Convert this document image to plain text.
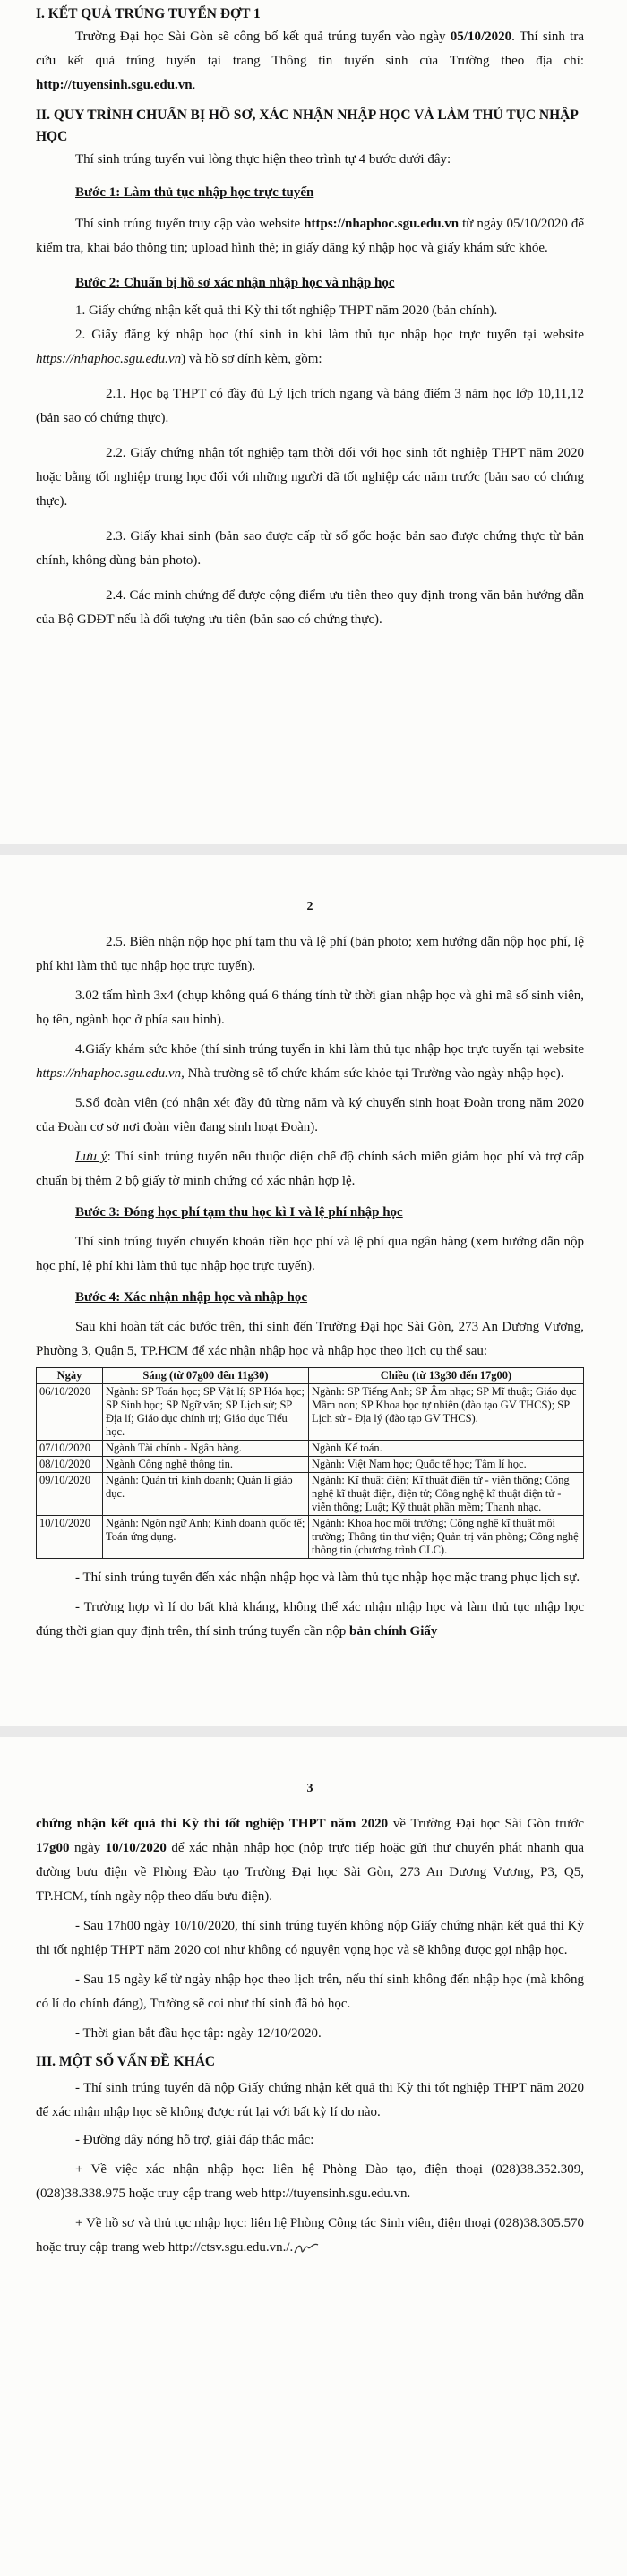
I. KẾT QUẢ TRÚNG TUYỂN ĐỢT 1

Trường Đại học Sài Gòn sẽ công bố kết quả trúng tuyển vào ngày 05/10/2020. Thí sinh tra cứu kết quả trúng tuyển tại trang Thông tin tuyển sinh của Trường theo địa chỉ: http://tuyensinh.sgu.edu.vn.

II. QUY TRÌNH CHUẨN BỊ HỒ SƠ, XÁC NHẬN NHẬP HỌC VÀ LÀM THỦ TỤC NHẬP HỌC

Thí sinh trúng tuyển vui lòng thực hiện theo trình tự 4 bước dưới đây:

Bước 1: Làm thủ tục nhập học trực tuyến

Thí sinh trúng tuyển truy cập vào website https://nhaphoc.sgu.edu.vn từ ngày 05/10/2020 để kiểm tra, khai báo thông tin; upload hình thẻ; in giấy đăng ký nhập học và giấy khám sức khỏe.

Bước 2: Chuẩn bị hồ sơ xác nhận nhập học và nhập học

1. Giấy chứng nhận kết quả thi Kỳ thi tốt nghiệp THPT năm 2020 (bản chính).

2. Giấy đăng ký nhập học (thí sinh in khi làm thủ tục nhập học trực tuyến tại website https://nhaphoc.sgu.edu.vn) và hồ sơ đính kèm, gồm:

2.1. Học bạ THPT có đầy đủ Lý lịch trích ngang và bảng điểm 3 năm học lớp 10,11,12 (bản sao có chứng thực).

2.2. Giấy chứng nhận tốt nghiệp tạm thời đối với học sinh tốt nghiệp THPT năm 2020 hoặc bằng tốt nghiệp trung học đối với những người đã tốt nghiệp các năm trước (bản sao có chứng thực).

2.3. Giấy khai sinh (bản sao được cấp từ sổ gốc hoặc bản sao được chứng thực từ bản chính, không dùng bản photo).

2.4. Các minh chứng để được cộng điểm ưu tiên theo quy định trong văn bản hướng dẫn của Bộ GDĐT nếu là đối tượng ưu tiên (bản sao có chứng thực).

2

2.5. Biên nhận nộp học phí tạm thu và lệ phí (bản photo; xem hướng dẫn nộp học phí, lệ phí khi làm thủ tục nhập học trực tuyến).

3.02 tấm hình 3x4 (chụp không quá 6 tháng tính từ thời gian nhập học và ghi mã số sinh viên, họ tên, ngành học ở phía sau hình).

4.Giấy khám sức khỏe (thí sinh trúng tuyển in khi làm thủ tục nhập học trực tuyến tại website https://nhaphoc.sgu.edu.vn, Nhà trường sẽ tổ chức khám sức khỏe tại Trường vào ngày nhập học).

5.Sổ đoàn viên (có nhận xét đầy đủ từng năm và ký chuyển sinh hoạt Đoàn trong năm 2020 của Đoàn cơ sở nơi đoàn viên đang sinh hoạt Đoàn).

Lưu ý: Thí sinh trúng tuyển nếu thuộc diện chế độ chính sách miễn giảm học phí và trợ cấp chuẩn bị thêm 2 bộ giấy tờ minh chứng có xác nhận hợp lệ.

Bước 3: Đóng học phí tạm thu học kì I và lệ phí nhập học

Thí sinh trúng tuyển chuyển khoản tiền học phí và lệ phí qua ngân hàng (xem hướng dẫn nộp học phí, lệ phí khi làm thủ tục nhập học trực tuyến).

Bước 4: Xác nhận nhập học và nhập học

Sau khi hoàn tất các bước trên, thí sinh đến Trường Đại học Sài Gòn, 273 An Dương Vương, Phường 3, Quận 5, TP.HCM để xác nhận nhập học và nhập học theo lịch cụ thể sau:

Ngày	Sáng (từ 07g00 đến 11g30)	Chiều (từ 13g30 đến 17g00)
06/10/2020	Ngành: SP Toán học; SP Vật lí; SP Hóa học; SP Sinh học; SP Ngữ văn; SP Lịch sử; SP Địa lí; Giáo dục chính trị; Giáo dục Tiểu học.	Ngành: SP Tiếng Anh; SP Âm nhạc; SP Mĩ thuật; Giáo dục Mầm non; SP Khoa học tự nhiên (đào tạo GV THCS); SP Lịch sử - Địa lý (đào tạo GV THCS).
07/10/2020	Ngành Tài chính - Ngân hàng.	Ngành Kế toán.
08/10/2020	Ngành Công nghệ thông tin.	Ngành: Việt Nam học; Quốc tế học; Tâm lí học.
09/10/2020	Ngành: Quản trị kinh doanh; Quản lí giáo dục.	Ngành: Kĩ thuật điện; Kĩ thuật điện tử - viễn thông; Công nghệ kĩ thuật điện, điện tử; Công nghệ kĩ thuật điện tử - viễn thông; Luật; Kỹ thuật phần mềm; Thanh nhạc.
10/10/2020	Ngành: Ngôn ngữ Anh; Kinh doanh quốc tế; Toán ứng dụng.	Ngành: Khoa học môi trường; Công nghệ kĩ thuật môi trường; Thông tin thư viện; Quản trị văn phòng; Công nghệ thông tin (chương trình CLC).

- Thí sinh trúng tuyển đến xác nhận nhập học và làm thủ tục nhập học mặc trang phục lịch sự.

- Trường hợp vì lí do bất khả kháng, không thể xác nhận nhập học và làm thủ tục nhập học đúng thời gian quy định trên, thí sinh trúng tuyển cần nộp bản chính Giấy

3

chứng nhận kết quả thi Kỳ thi tốt nghiệp THPT năm 2020 về Trường Đại học Sài Gòn trước 17g00 ngày 10/10/2020 để xác nhận nhập học (nộp trực tiếp hoặc gửi thư chuyển phát nhanh qua đường bưu điện về Phòng Đào tạo Trường Đại học Sài Gòn, 273 An Dương Vương, P3, Q5, TP.HCM, tính ngày nộp theo dấu bưu điện).

- Sau 17h00 ngày 10/10/2020, thí sinh trúng tuyển không nộp Giấy chứng nhận kết quả thi Kỳ thi tốt nghiệp THPT năm 2020 coi như không có nguyện vọng học và sẽ không được gọi nhập học.

- Sau 15 ngày kể từ ngày nhập học theo lịch trên, nếu thí sinh không đến nhập học (mà không có lí do chính đáng), Trường sẽ coi như thí sinh đã bỏ học.

- Thời gian bắt đầu học tập: ngày 12/10/2020.

III. MỘT SỐ VẤN ĐỀ KHÁC

- Thí sinh trúng tuyển đã nộp Giấy chứng nhận kết quả thi Kỳ thi tốt nghiệp THPT năm 2020 để xác nhận nhập học sẽ không được rút lại với bất kỳ lí do nào.

- Đường dây nóng hỗ trợ, giải đáp thắc mắc:

+ Về việc xác nhận nhập học: liên hệ Phòng Đào tạo, điện thoại (028)38.352.309, (028)38.338.975 hoặc truy cập trang web http://tuyensinh.sgu.edu.vn.

+ Về hồ sơ và thủ tục nhập học: liên hệ Phòng Công tác Sinh viên, điện thoại (028)38.305.570 hoặc truy cập trang web http://ctsv.sgu.edu.vn./.
